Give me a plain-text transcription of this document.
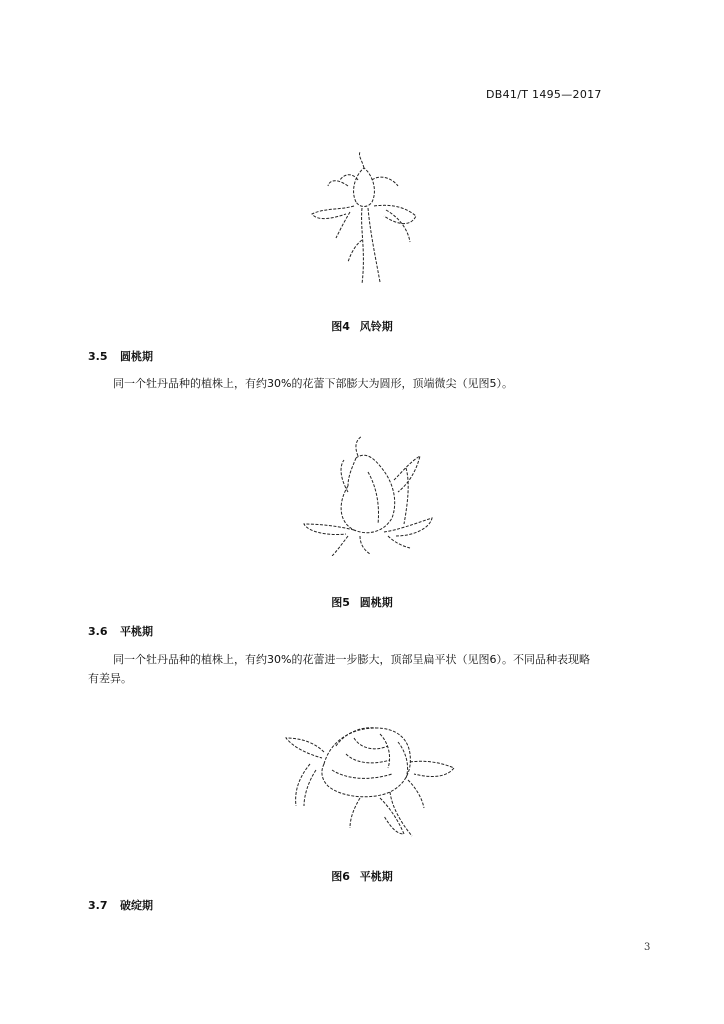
DB41/T 1495—2017
图4 风铃期
3.5 圆桃期
同一个牡丹品种的植株上，有约30%的花蕾下部膨大为圆形，顶端微尖（见图5）。
图5 圆桃期
3.6 平桃期
同一个牡丹品种的植株上，有约30%的花蕾进一步膨大，顶部呈扁平状（见图6）。不同品种表现略
有差异。
图6 平桃期
3.7 破绽期
3
